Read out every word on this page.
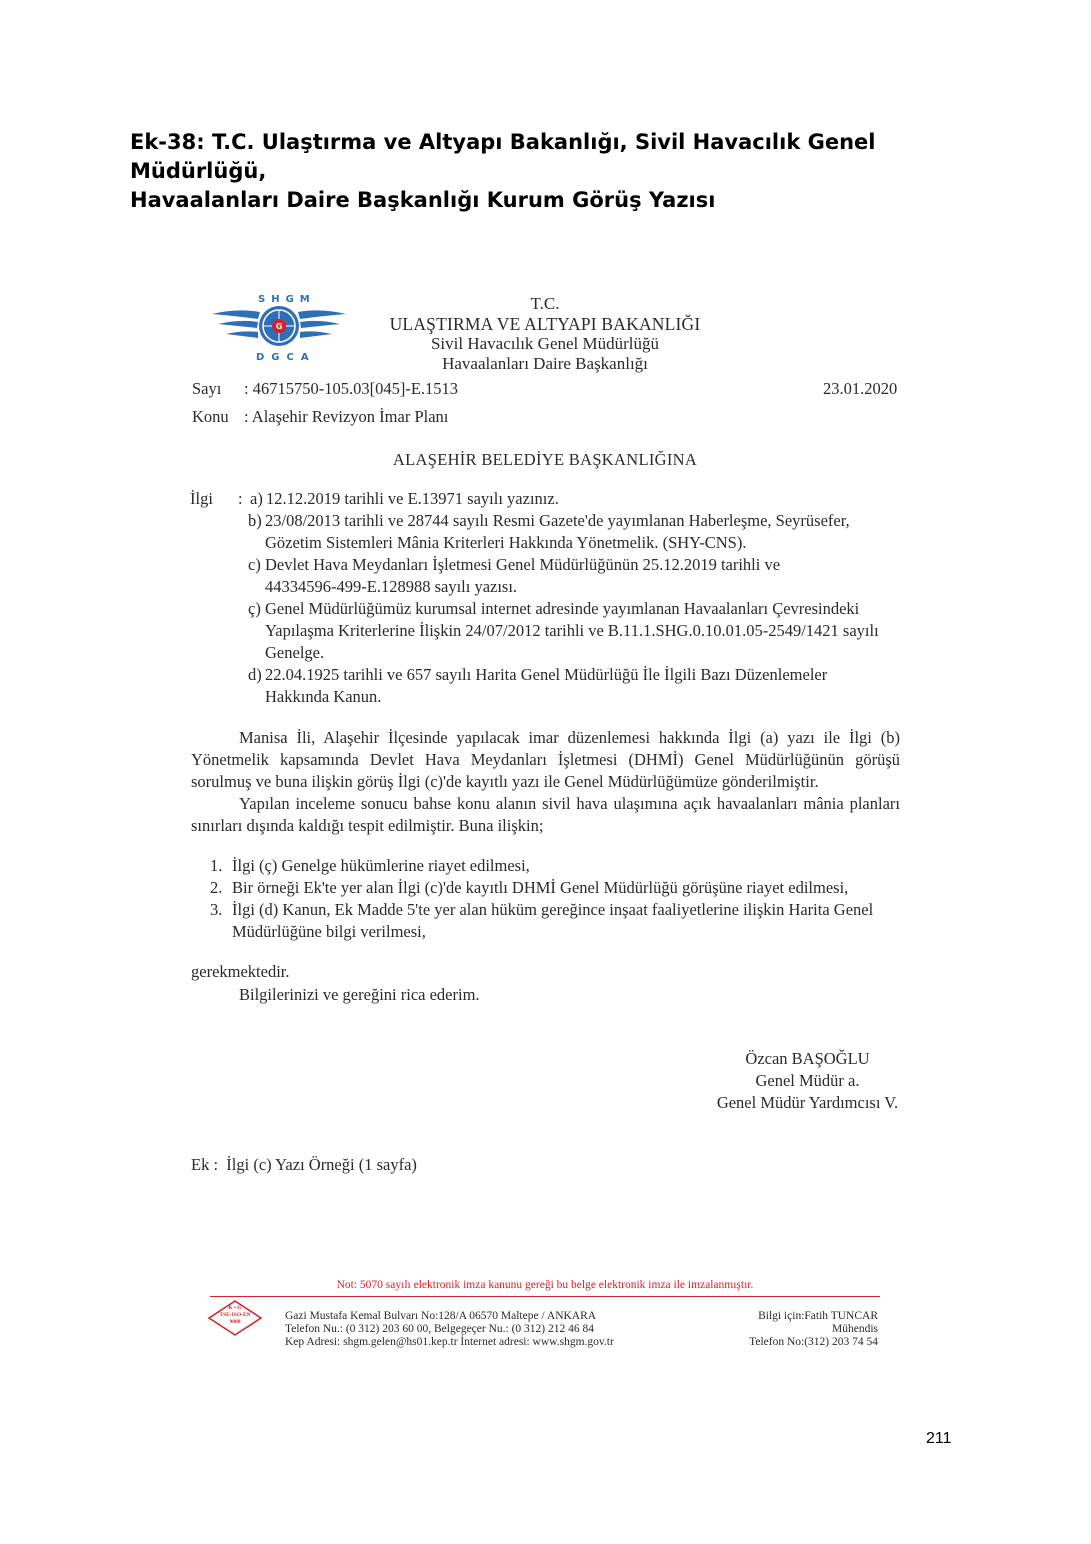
Ek-38: T.C. Ulaştırma ve Altyapı Bakanlığı, Sivil Havacılık Genel Müdürlüğü,
Havaalanları Daire Başkanlığı Kurum Görüş Yazısı
G
SHGM
DGCA
T.C.
ULAŞTIRMA VE ALTYAPI BAKANLIĞI
Sivil Havacılık Genel Müdürlüğü
Havaalanları Daire Başkanlığı
Sayı : 46715750-105.03[045]-E.1513	23.01.2020
Konu : Alaşehir Revizyon İmar Planı
ALAŞEHİR BELEDİYE BAŞKANLIĞINA
İlgi : a) 12.12.2019 tarihli ve E.13971 sayılı yazınız.
b) 23/08/2013 tarihli ve 28744 sayılı Resmi Gazete'de yayımlanan Haberleşme, Seyrüsefer,
Gözetim Sistemleri Mânia Kriterleri Hakkında Yönetmelik. (SHY-CNS).
c) Devlet Hava Meydanları İşletmesi Genel Müdürlüğünün 25.12.2019 tarihli ve
44334596-499-E.128988 sayılı yazısı.
ç) Genel Müdürlüğümüz kurumsal internet adresinde yayımlanan Havaalanları Çevresindeki
Yapılaşma Kriterlerine İlişkin 24/07/2012 tarihli ve B.11.1.SHG.0.10.01.05-2549/1421 sayılı
Genelge.
d) 22.04.1925 tarihli ve 657 sayılı Harita Genel Müdürlüğü İle İlgili Bazı Düzenlemeler
Hakkında Kanun.

Manisa İli, Alaşehir İlçesinde yapılacak imar düzenlemesi hakkında İlgi (a) yazı ile İlgi (b) Yönetmelik kapsamında Devlet Hava Meydanları İşletmesi (DHMİ) Genel Müdürlüğünün görüşü sorulmuş ve buna ilişkin görüş İlgi (c)'de kayıtlı yazı ile Genel Müdürlüğümüze gönderilmiştir.

Yapılan inceleme sonucu bahse konu alanın sivil hava ulaşımına açık havaalanları mânia planları sınırları dışında kaldığı tespit edilmiştir. Buna ilişkin;

1. İlgi (ç) Genelge hükümlerine riayet edilmesi,
2. Bir örneği Ek'te yer alan İlgi (c)'de kayıtlı DHMİ Genel Müdürlüğü görüşüne riayet edilmesi,
3. İlgi (d) Kanun, Ek Madde 5'te yer alan hüküm gereğince inşaat faaliyetlerine ilişkin Harita Genel Müdürlüğüne bilgi verilmesi,
gerekmektedir.
Bilgilerinizi ve gereğini rica ederim.
Özcan BAŞOĞLU
Genel Müdür a.
Genel Müdür Yardımcısı V.
Ek :  İlgi (c) Yazı Örneği (1 sayfa)
Not: 5070 sayılı elektronik imza kanunu gereği bu belge elektronik imza ile imzalanmıştır.
K • G
TSE-ISO-EN
9000	Gazi Mustafa Kemal Bulvarı No:128/A 06570 Maltepe / ANKARA
Telefon Nu.: (0 312) 203 60 00, Belgegeçer Nu.: (0 312) 212 46 84
Kep Adresi: shgm.gelen@hs01.kep.tr İnternet adresi: www.shgm.gov.tr
Bilgi için:Fatih TUNCAR
Mühendis
Telefon No:(312) 203 74 54
211
